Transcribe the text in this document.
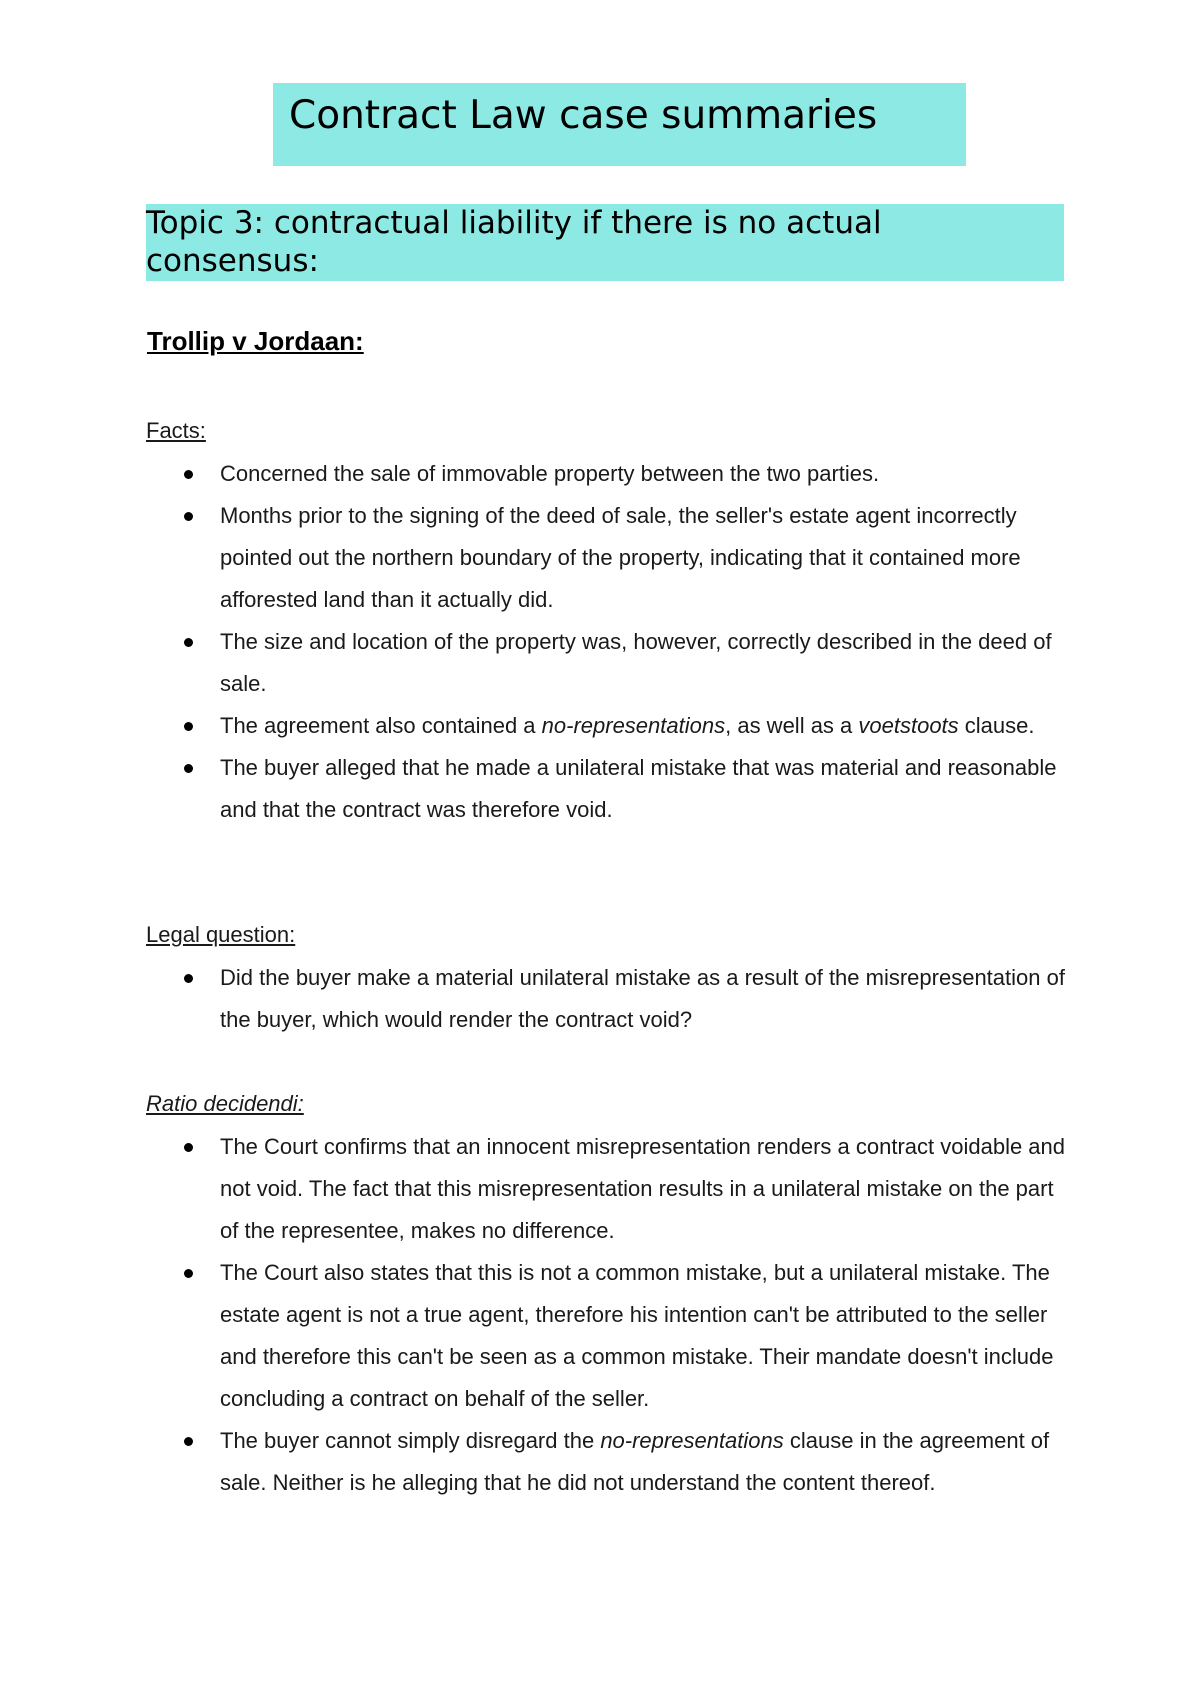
Contract Law case summaries
Topic 3: contractual liability if there is no actual consensus:
Trollip v Jordaan:
Facts:
Concerned the sale of immovable property between the two parties.
Months prior to the signing of the deed of sale, the seller's estate agent incorrectly pointed out the northern boundary of the property, indicating that it contained more afforested land than it actually did.
The size and location of the property was, however, correctly described in the deed of sale.
The agreement also contained a no-representations, as well as a voetstoots clause.
The buyer alleged that he made a unilateral mistake that was material and reasonable and that the contract was therefore void.
Legal question:
Did the buyer make a material unilateral mistake as a result of the misrepresentation of the buyer, which would render the contract void?
Ratio decidendi:
The Court confirms that an innocent misrepresentation renders a contract voidable and not void. The fact that this misrepresentation results in a unilateral mistake on the part of the representee, makes no difference.
The Court also states that this is not a common mistake, but a unilateral mistake. The estate agent is not a true agent, therefore his intention can't be attributed to the seller and therefore this can't be seen as a common mistake. Their mandate doesn't include concluding a contract on behalf of the seller.
The buyer cannot simply disregard the no-representations clause in the agreement of sale. Neither is he alleging that he did not understand the content thereof.
